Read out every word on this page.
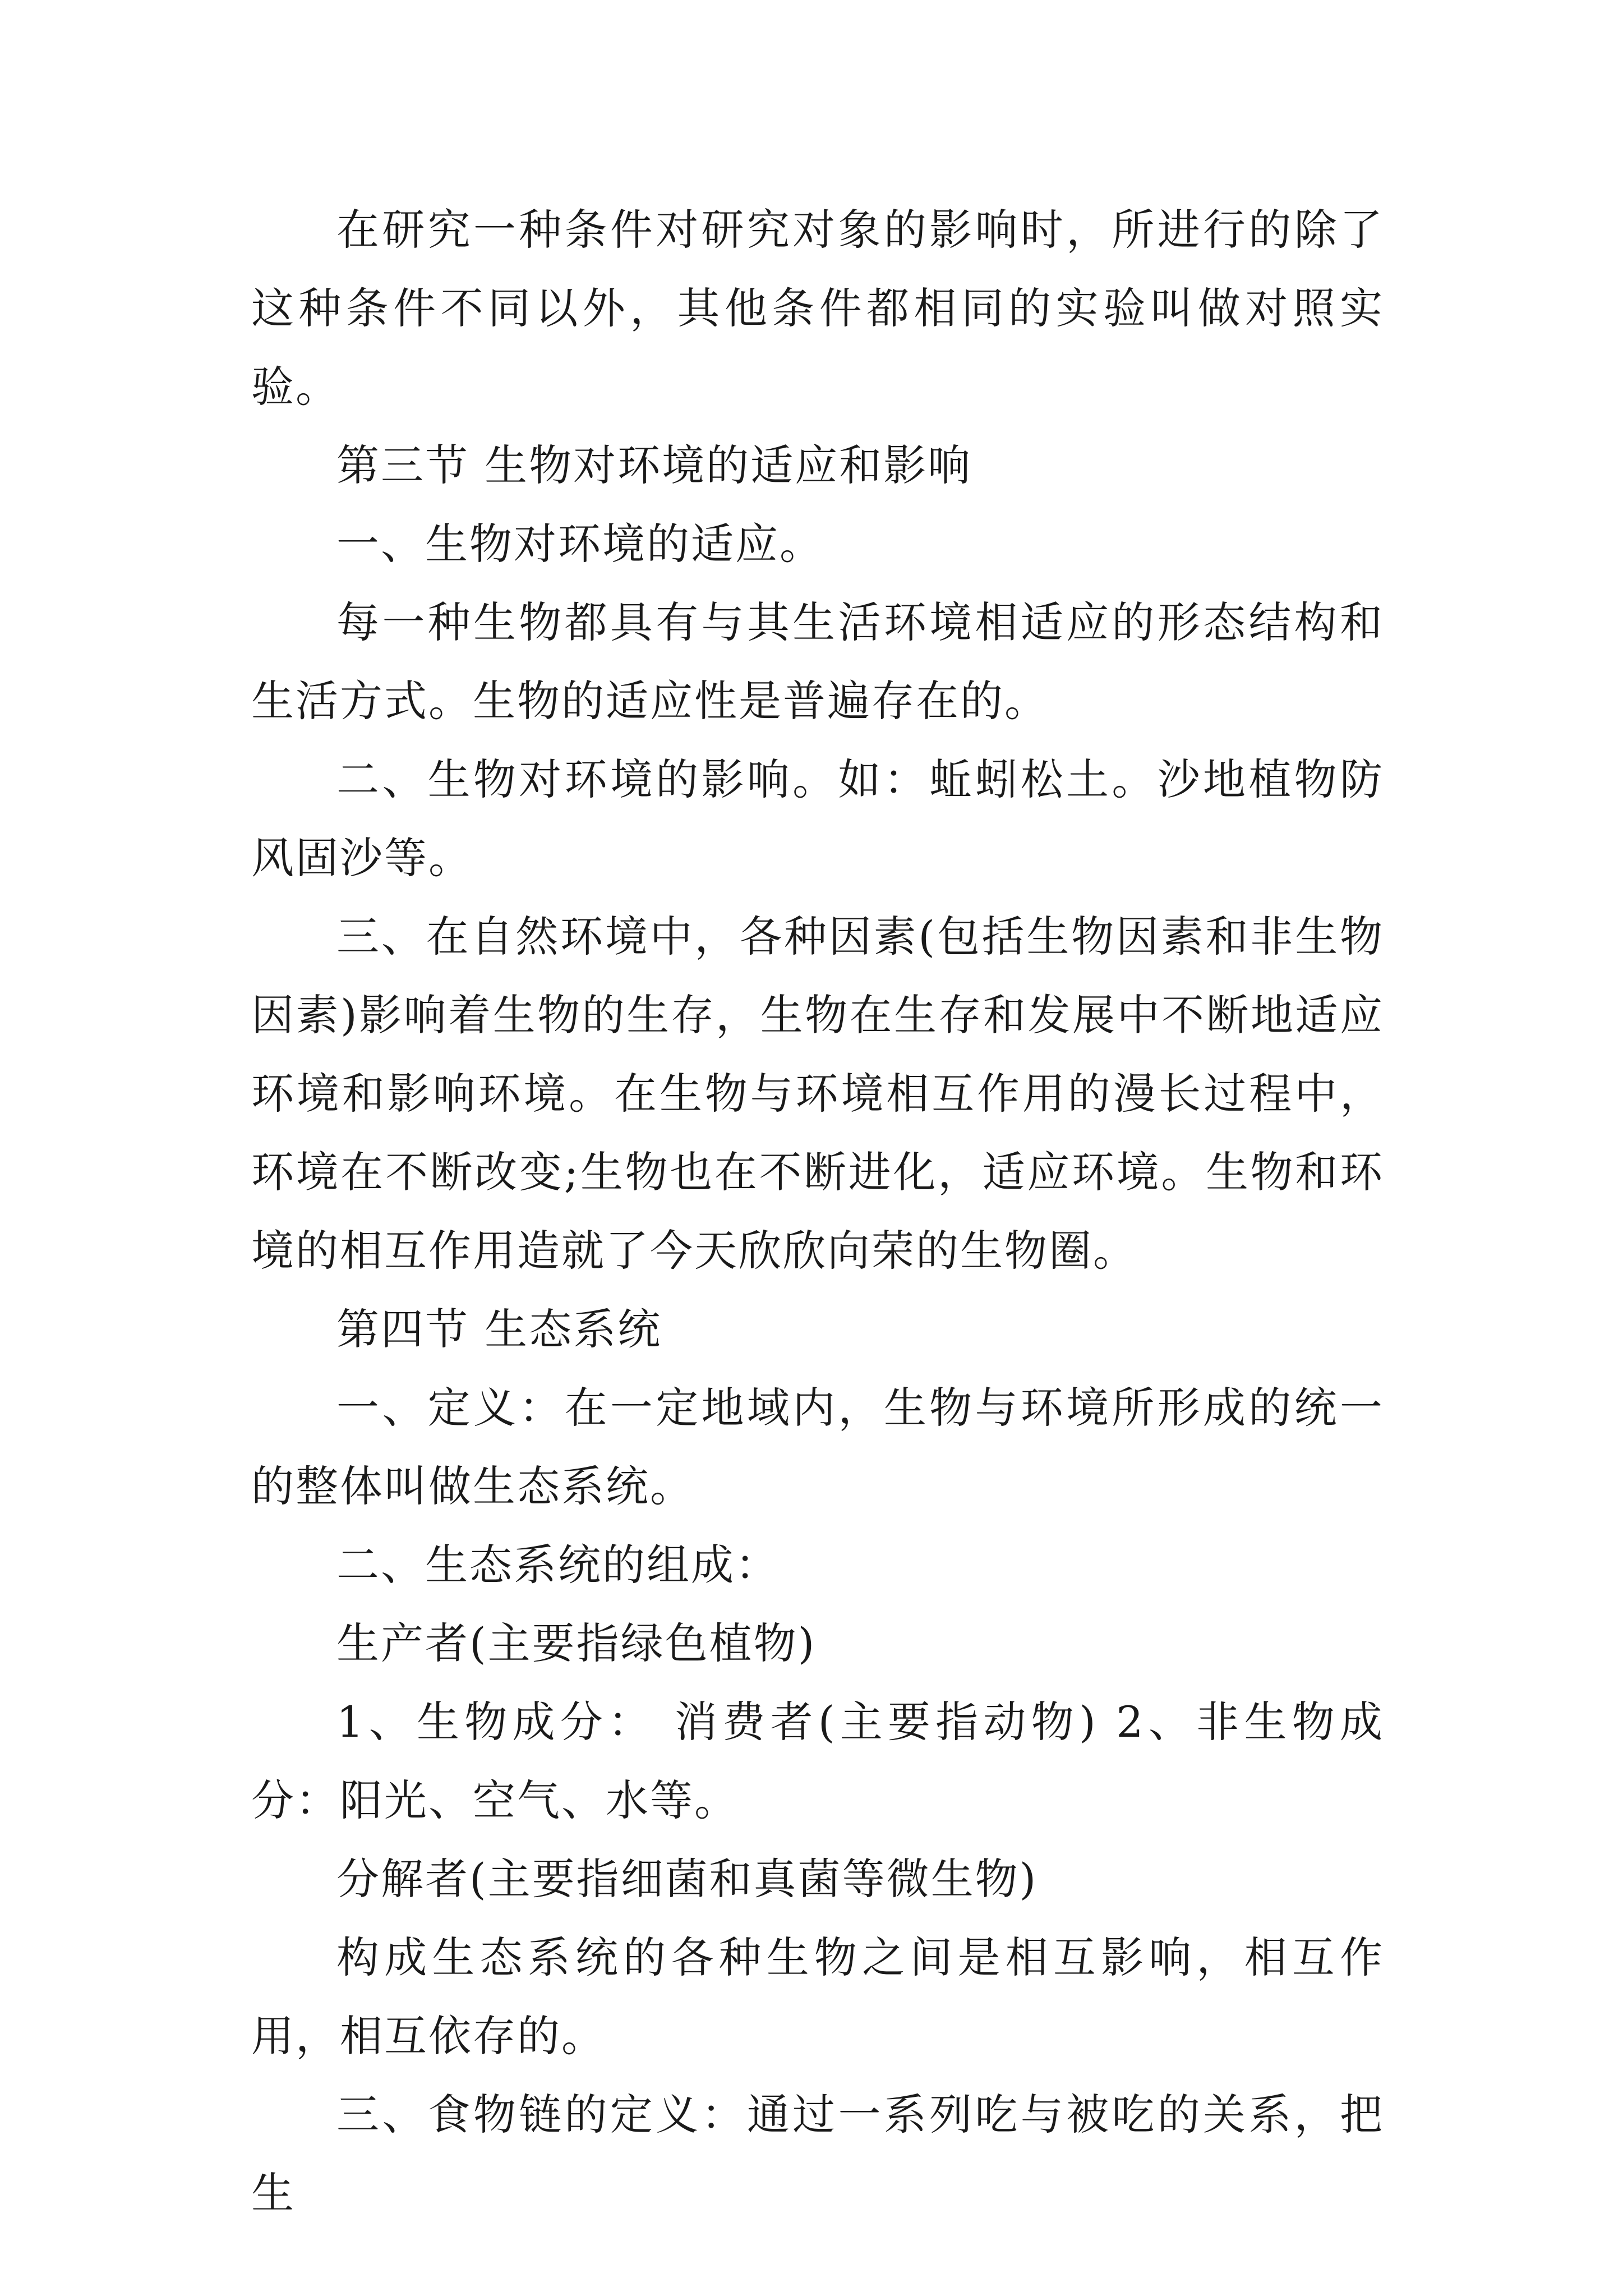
在研究一种条件对研究对象的影响时，所进行的除了这种条件不同以外，其他条件都相同的实验叫做对照实验。

第三节 生物对环境的适应和影响

一、生物对环境的适应。

每一种生物都具有与其生活环境相适应的形态结构和生活方式。生物的适应性是普遍存在的。

二、生物对环境的影响。如：蚯蚓松土。沙地植物防风固沙等。

三、在自然环境中，各种因素(包括生物因素和非生物因素)影响着生物的生存，生物在生存和发展中不断地适应环境和影响环境。在生物与环境相互作用的漫长过程中，环境在不断改变;生物也在不断进化，适应环境。生物和环境的相互作用造就了今天欣欣向荣的生物圈。

第四节 生态系统

一、定义：在一定地域内，生物与环境所形成的统一的整体叫做生态系统。

二、生态系统的组成：

生产者(主要指绿色植物)

1、生物成分： 消费者(主要指动物) 2、非生物成分：阳光、空气、水等。

分解者(主要指细菌和真菌等微生物)

构成生态系统的各种生物之间是相互影响，相互作用，相互依存的。

三、食物链的定义：通过一系列吃与被吃的关系，把生
